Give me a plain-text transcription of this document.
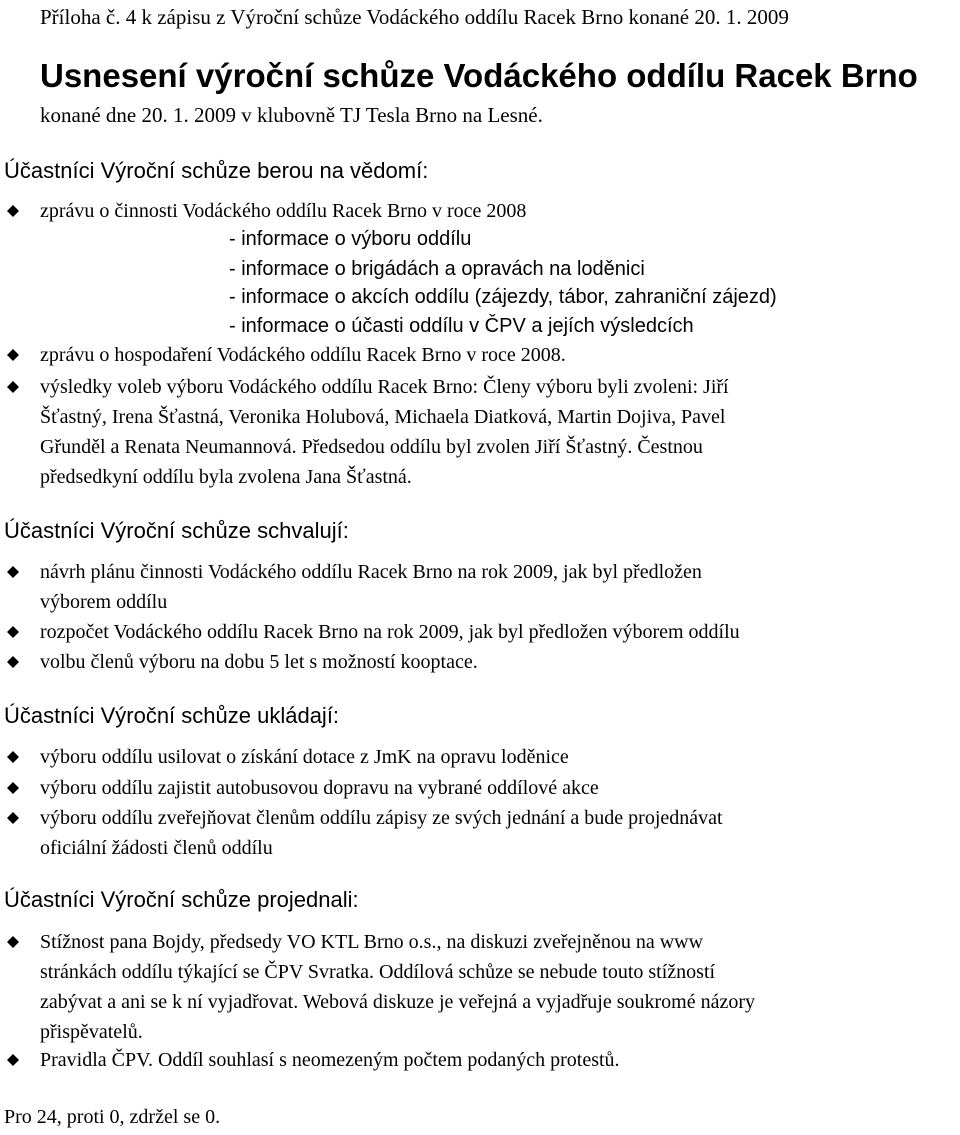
Příloha č. 4 k zápisu z Výroční schůze Vodáckého oddílu Racek Brno konané 20. 1. 2009
Usnesení výroční schůze Vodáckého oddílu Racek Brno
konané dne 20. 1. 2009 v klubovně TJ Tesla Brno na Lesné.
Účastníci Výroční schůze berou na vědomí:
zprávu o činnosti Vodáckého oddílu Racek Brno v roce 2008
- informace o výboru oddílu
- informace o brigádách a opravách na loděnici
- informace o akcích oddílu (zájezdy, tábor, zahraniční zájezd)
- informace o účasti oddílu v ČPV a jejích výsledcích
zprávu o hospodaření Vodáckého oddílu Racek Brno v roce 2008.
výsledky voleb výboru Vodáckého oddílu Racek Brno: Členy výboru byli zvoleni: Jiří
Šťastný, Irena Šťastná, Veronika Holubová, Michaela Diatková, Martin Dojiva, Pavel
Gřunděl a Renata Neumannová. Předsedou oddílu byl zvolen Jiří Šťastný. Čestnou
předsedkyní oddílu byla zvolena Jana Šťastná.
Účastníci Výroční schůze schvalují:
návrh plánu činnosti Vodáckého oddílu Racek Brno na rok 2009, jak byl předložen
výborem oddílu
rozpočet Vodáckého oddílu Racek Brno na rok 2009, jak byl předložen výborem oddílu
volbu členů výboru na dobu 5 let s možností kooptace.
Účastníci Výroční schůze ukládají:
výboru oddílu usilovat o získání dotace z JmK na opravu loděnice
výboru oddílu zajistit autobusovou dopravu na vybrané oddílové akce
výboru oddílu zveřejňovat členům oddílu zápisy ze svých jednání a bude projednávat
oficiální žádosti členů oddílu
Účastníci Výroční schůze projednali:
Stížnost pana Bojdy, předsedy VO KTL Brno o.s., na diskuzi zveřejněnou na www
stránkách oddílu týkající se ČPV Svratka. Oddílová schůze se nebude touto stížností
zabývat a ani se k ní vyjadřovat. Webová diskuze je veřejná a vyjadřuje soukromé názory
přispěvatelů.
Pravidla ČPV. Oddíl souhlasí s neomezeným počtem podaných protestů.
Pro 24, proti 0, zdržel se 0.
